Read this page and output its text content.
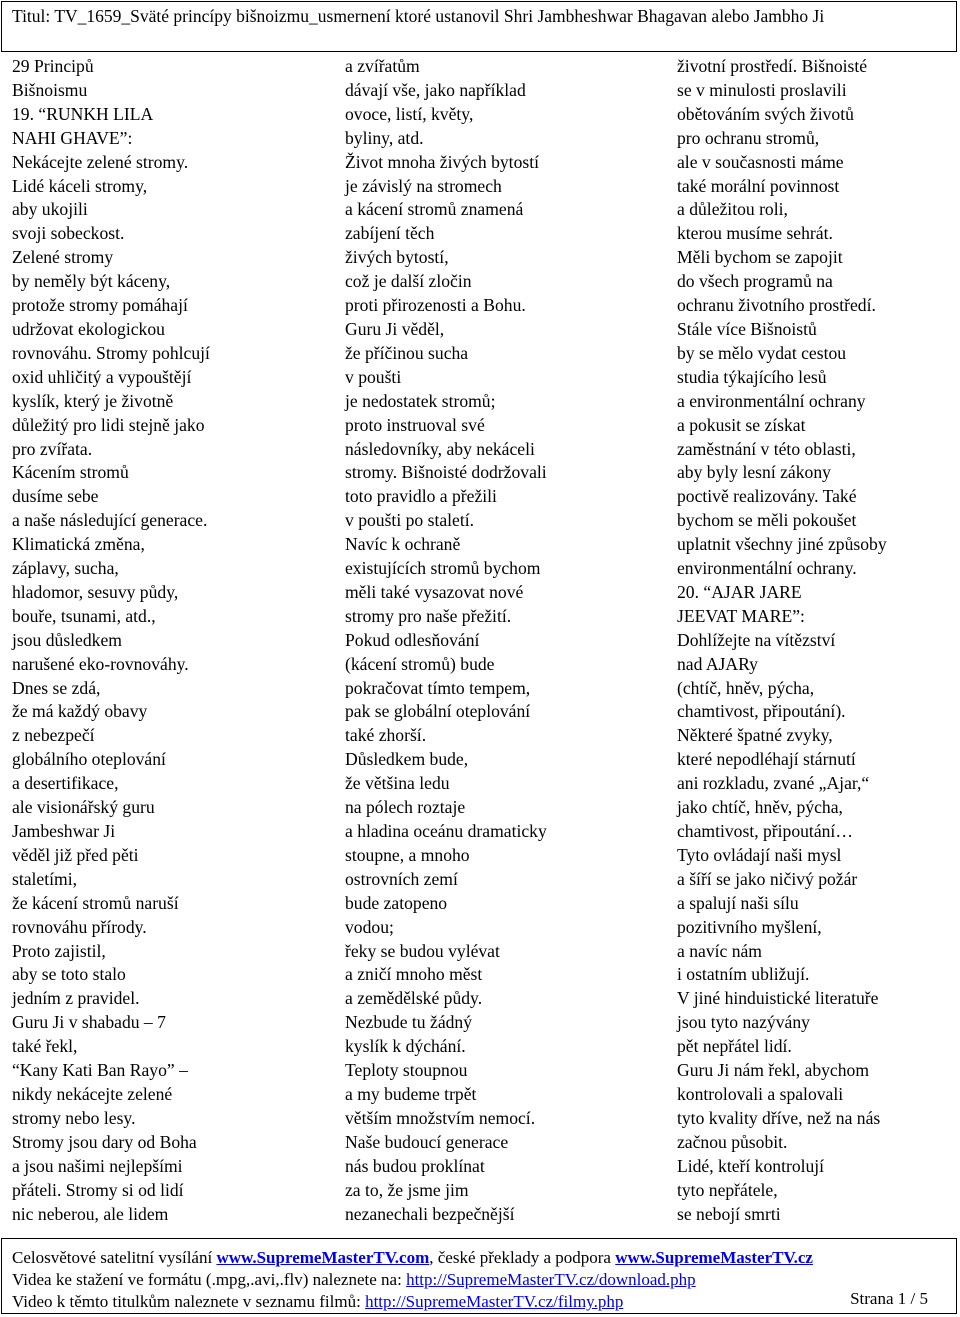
Titul: TV_1659_Sväté princípy bišnoizmu_usmernení ktoré ustanovil Shri Jambheshwar Bhagavan alebo Jambho Ji
29 Principů
Bišnoismu
19. “RUNKH LILA
NAHI GHAVE”:
Nekácejte zelené stromy.
Lidé káceli stromy,
aby ukojili
svoji sobeckost.
Zelené stromy
by neměly být káceny,
protože stromy pomáhají
udržovat ekologickou
rovnováhu. Stromy pohlcují
oxid uhličitý a vypouštějí
kyslík, který je životně
důležitý pro lidi stejně jako
pro zvířata.
Kácením stromů
dusíme sebe
a naše následující generace.
Klimatická změna,
záplavy, sucha,
hladomor, sesuvy půdy,
bouře, tsunami, atd.,
jsou důsledkem
narušené eko-rovnováhy.
Dnes se zdá,
že má každý obavy
z nebezpečí
globálního oteplování
a desertifikace,
ale visionářský guru
Jambeshwar Ji
věděl již před pěti
staletími,
že kácení stromů naruší
rovnováhu přírody.
Proto zajistil,
aby se toto stalo
jedním z pravidel.
Guru Ji v shabadu – 7
také řekl,
“Kany Kati Ban Rayo” –
nikdy nekácejte zelené
stromy nebo lesy.
Stromy jsou dary od Boha
a jsou našimi nejlepšími
přáteli. Stromy si od lidí
nic neberou, ale lidem
a zvířatům
dávají vše, jako například
ovoce, listí, květy,
byliny, atd.
Život mnoha živých bytostí
je závislý na stromech
a kácení stromů znamená
zabíjení těch
živých bytostí,
což je další zločin
proti přirozenosti a Bohu.
Guru Ji věděl,
že příčinou sucha
v poušti
je nedostatek stromů;
proto instruoval své
následovníky, aby nekáceli
stromy. Bišnoisté dodržovali
toto pravidlo a přežili
v poušti po staletí.
Navíc k ochraně
existujících stromů bychom
měli také vysazovat nové
stromy pro naše přežití.
Pokud odlesňování
(kácení stromů) bude
pokračovat tímto tempem,
pak se globální oteplování
také zhorší.
Důsledkem bude,
že většina ledu
na pólech roztaje
a hladina oceánu dramaticky
stoupne, a mnoho
ostrovních zemí
bude zatopeno
vodou;
řeky se budou vylévat
a zničí mnoho měst
a zemědělské půdy.
Nezbude tu žádný
kyslík k dýchání.
Teploty stoupnou
a my budeme trpět
větším množstvím nemocí.
Naše budoucí generace
nás budou proklínat
za to, že jsme jim
nezanechali bezpečnější
životní prostředí. Bišnoisté
se v minulosti proslavili
obětováním svých životů
pro ochranu stromů,
ale v současnosti máme
také morální povinnost
a důležitou roli,
kterou musíme sehrát.
Měli bychom se zapojit
do všech programů na
ochranu životního prostředí.
Stále více Bišnoistů
by se mělo vydat cestou
studia týkajícího lesů
a environmentální ochrany
a pokusit se získat
zaměstnání v této oblasti,
aby byly lesní zákony
poctivě realizovány. Také
bychom se měli pokoušet
uplatnit všechny jiné způsoby
environmentální ochrany.
20. “AJAR JARE
JEEVAT MARE”:
Dohlížejte na vítězství
nad AJARy
(chtíč, hněv, pýcha,
chamtivost, připoutání).
Některé špatné zvyky,
které nepodléhají stárnutí
ani rozkladu, zvané „Ajar,“
jako chtíč, hněv, pýcha,
chamtivost, připoutání…
Tyto ovládají naši mysl
a šíří se jako ničivý požár
a spalují naši sílu
pozitivního myšlení,
a navíc nám
i ostatním ubližují.
V jiné hinduistické literatuře
jsou tyto nazývány
pět nepřátel lidí.
Guru Ji nám řekl, abychom
kontrolovali a spalovali
tyto kvality dříve, než na nás
začnou působit.
Lidé, kteří kontrolují
tyto nepřátele,
se nebojí smrti
Celosvětové satelitní vysílání www.SupremeMasterTV.com, české překlady a podpora www.SupremeMasterTV.cz
Videa ke stažení ve formátu (.mpg,.avi,.flv) naleznete na: http://SupremeMasterTV.cz/download.php
Video k těmto titulkům naleznete v seznamu filmů: http://SupremeMasterTV.cz/filmy.php	Strana 1 / 5
